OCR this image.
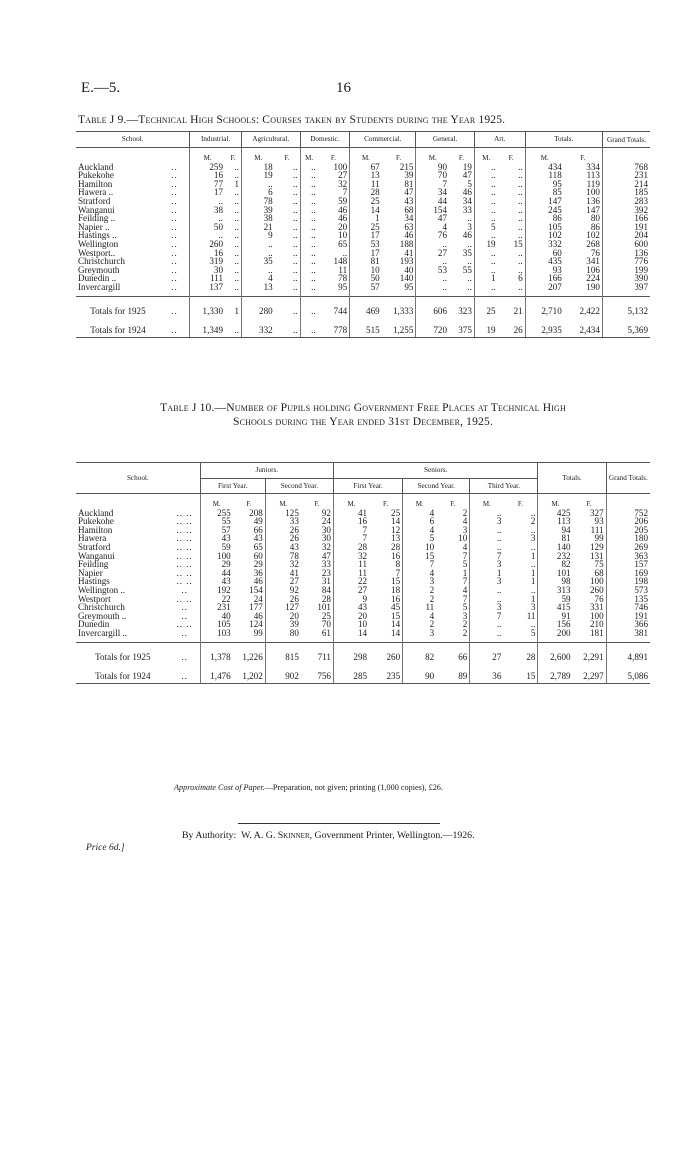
E.—5.	16
Table J 9.—Technical High Schools: Courses taken by Students during the Year 1925.
School.		Industrial.		Agricultural.		Domestic.		Commercial.		General.		Art.		Totals.		Grand Totals.
		M.	F.	M.	F.	M.	F.	M.	F.	M.	F.	M.	F.	M.	F.	
Auckland	..	259	..	18	..	..	100	67	215	90	19	..	..	434	334	768
Pukekohe	..	16	..	19	..	..	27	13	39	70	47	..	..	118	113	231
Hamilton	..	77	1	..	..	..	32	11	81	7	5	..	..	95	119	214
Hawera ..	..	17	..	6	..	..	7	28	47	34	46	..	..	85	100	185
Stratford	..	..	..	78	..	..	59	25	43	44	34	..	..	147	136	283
Wanganui	..	38	..	39	..	..	46	14	68	154	33	..	..	245	147	392
Feilding ..	..	..	..	38	..	..	46	1	34	47	..	..	..	86	80	166
Napier ..	..	50	..	21	..	..	20	25	63	4	3	5	..	105	86	191
Hastings ..	..	..	..	9	..	..	10	17	46	76	46	..	..	102	102	204
Wellington	..	260	..	..	..	..	65	53	188	..	..	19	15	332	268	600
Westport..	..	16	..	..	..	..	..	17	41	27	35	..	..	60	76	136
Christchurch	..	319	..	35	..	..	148	81	193	..	..	..	..	435	341	776
Greymouth	..	30	..	..	..	..	11	10	40	53	55	..	..	93	106	199
Dunedin ..	..	111	..	4	..	..	78	50	140	..	..	1	6	166	224	390
Invercargill	..	137	..	13	..	..	95	57	95	..	..	..	..	207	190	397
Totals for 1925	..	1,330	1	280	..	..	744	469	1,333	606	323	25	21	2,710	2,422	5,132
Totals for 1924	..	1,349	..	332	..	..	778	515	1,255	720	375	19	26	2,935	2,434	5,369
Table J 10.—Number of Pupils holding Government Free Places at Technical High
Schools during the Year ended 31st December, 1925.
School.		Juniors.				Seniors.						Totals.		Grand Totals.
		First Year.		Second Year.		First Year.		Second Year.		Third Year.				
		M.	F.	M.	F.	M.	F.	M.	F.	M.	F.	M.	F.	
Auckland	.. ..	255	208	125	92	41	25	4	2	..	..	425	327	752
Pukekohe	.. ..	55	49	33	24	16	14	6	4	3	2	113	93	206
Hamilton	.. ..	57	66	26	30	7	12	4	3	..	..	94	111	205
Hawera	.. ..	43	43	26	30	7	13	5	10	..	3	81	99	180
Stratford	.. ..	59	65	43	32	28	28	10	4	..	..	140	129	269
Wanganui	.. ..	100	60	78	47	32	16	15	7	7	1	232	131	363
Feilding	.. ..	29	29	32	33	11	8	7	5	3	..	82	75	157
Napier	.. ..	44	36	41	23	11	7	4	1	1	1	101	68	169
Hastings	.. ..	43	46	27	31	22	15	3	7	3	1	98	100	198
Wellington ..	..	192	154	92	84	27	18	2	4	..	..	313	260	573
Westport	.. ..	22	24	26	28	9	16	2	7	..	1	59	76	135
Christchurch	..	231	177	127	101	43	45	11	5	3	3	415	331	746
Greymouth ..	..	40	46	20	25	20	15	4	3	7	11	91	100	191
Dunedin	.. ..	105	124	39	70	10	14	2	2	..	..	156	210	366
Invercargill ..	..	103	99	80	61	14	14	3	2	..	5	200	181	381
Totals for 1925	..	1,378	1,226	815	711	298	260	82	66	27	28	2,600	2,291	4,891
Totals for 1924	..	1,476	1,202	902	756	285	235	90	89	36	15	2,789	2,297	5,086
Approximate Cost of Paper.—Preparation, not given; printing (1,000 copies), £26.
By Authority: W. A. G. Skinner, Government Printer, Wellington.—1926.
Price 6d.]
